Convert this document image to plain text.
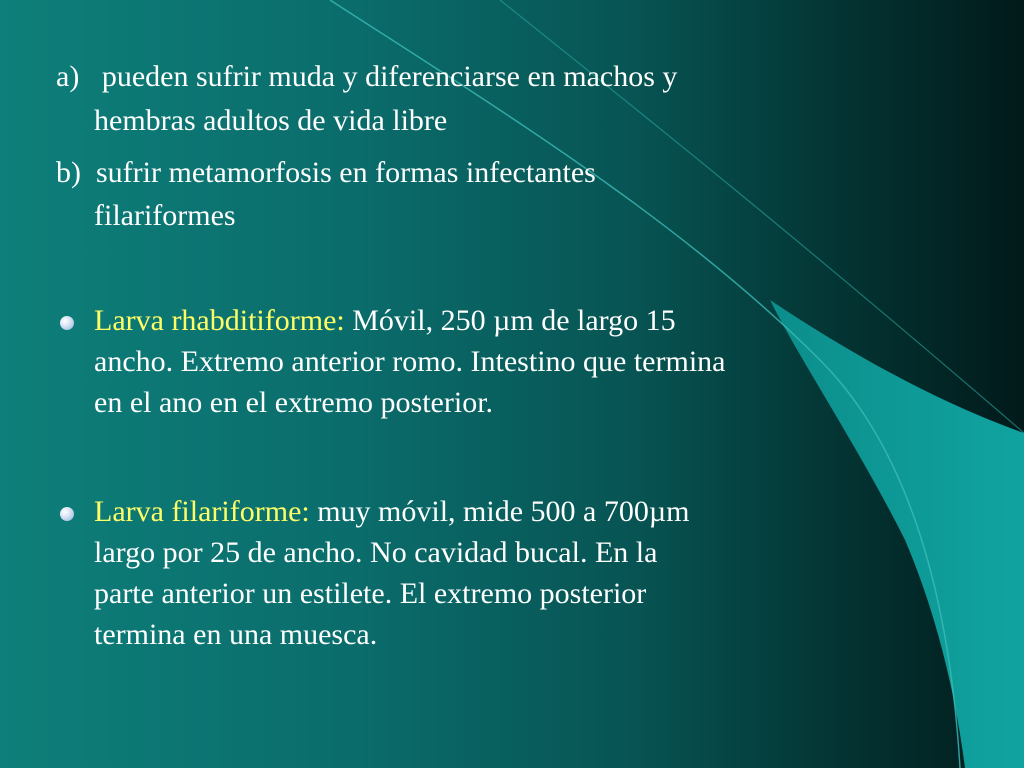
a) pueden sufrir muda y diferenciarse en machos y
hembras adultos de vida libre
b) sufrir metamorfosis en formas infectantes
filariformes
Larva rhabditiforme: Móvil, 250 µm de largo 15
ancho. Extremo anterior romo. Intestino que termina
en el ano en el extremo posterior.
Larva filariforme: muy móvil, mide 500 a 700µm
largo por 25 de ancho. No cavidad bucal. En la
parte anterior un estilete. El extremo posterior
termina en una muesca.
